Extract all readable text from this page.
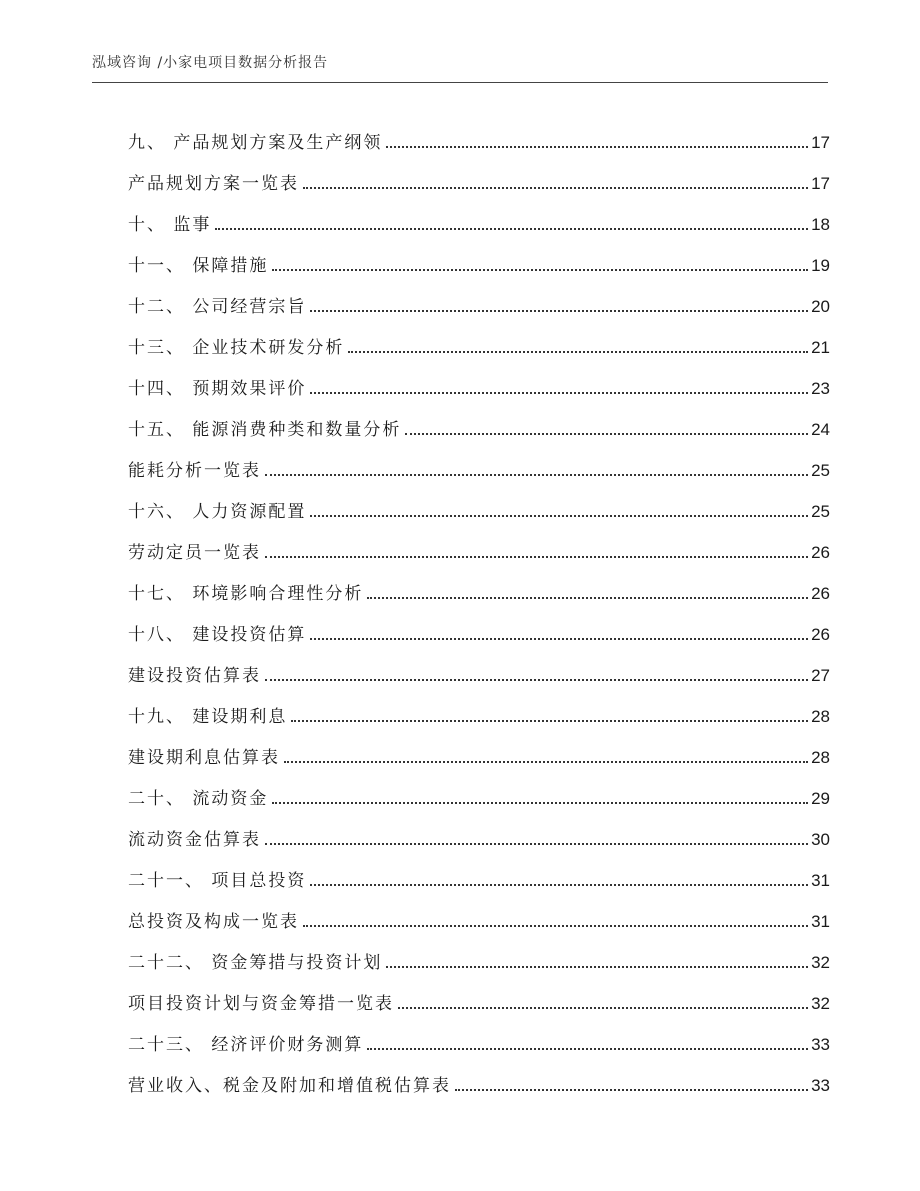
泓域咨询 /小家电项目数据分析报告
九、 产品规划方案及生产纲领	17
产品规划方案一览表	17
十、 监事	18
十一、 保障措施	19
十二、 公司经营宗旨	20
十三、 企业技术研发分析	21
十四、 预期效果评价	23
十五、 能源消费种类和数量分析	24
能耗分析一览表	25
十六、 人力资源配置	25
劳动定员一览表	26
十七、 环境影响合理性分析	26
十八、 建设投资估算	26
建设投资估算表	27
十九、 建设期利息	28
建设期利息估算表	28
二十、 流动资金	29
流动资金估算表	30
二十一、 项目总投资	31
总投资及构成一览表	31
二十二、 资金筹措与投资计划	32
项目投资计划与资金筹措一览表	32
二十三、 经济评价财务测算	33
营业收入、税金及附加和增值税估算表	33
